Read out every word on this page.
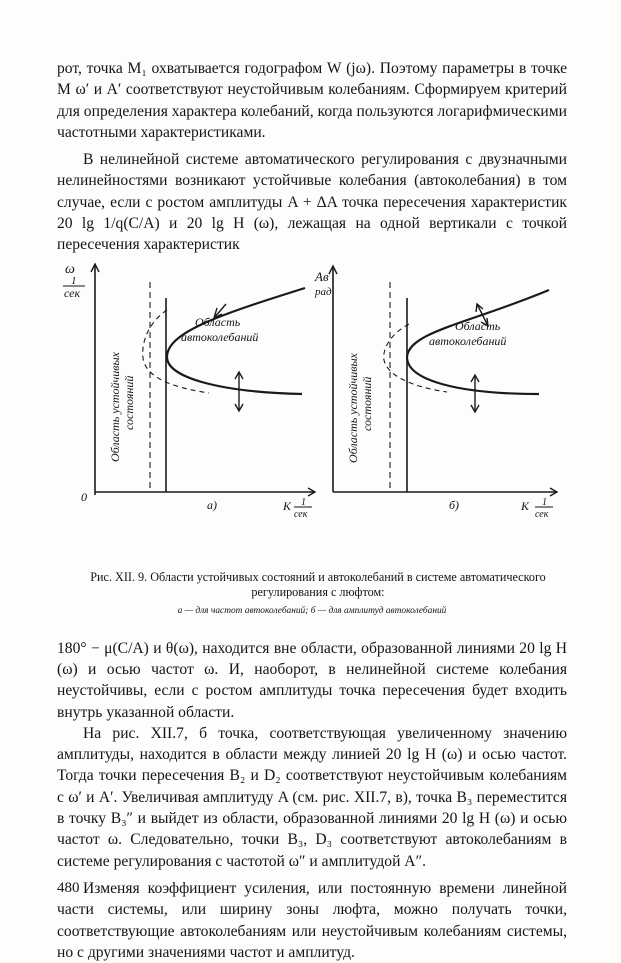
рот, точка M₁ охватывается годографом W (jω). Поэтому параметры в точке M ω′ и A′ соответствуют неустойчивым колебаниям. Сформируем критерий для определения характера колебаний, когда пользуются логарифмическими частотными характеристиками.

В нелинейной системе автоматического регулирования с двузначными нелинейностями возникают устойчивые колебания (автоколебания) в том случае, если с ростом амплитуды A + ΔA точка пересечения характеристик 20 lg 1/q(C/A) и 20 lg H (ω), лежащая на одной вертикали с точкой пересечения характеристик

ω
1
сек
0
K 1
сек
Область
автоколебаний
Область устойчивых состояний
а)
Aв
рад
K 1
сек
Область
автоколебаний
Область устойчивых состояний
б)
Рис. XII. 9. Области устойчивых состояний и автоколебаний в системе автоматического регулирования с люфтом:
а — для частот автоколебаний; б — для амплитуд автоколебаний

180° − μ(C/A) и θ(ω), находится вне области, образованной линиями 20 lg H (ω) и осью частот ω. И, наоборот, в нелинейной системе колебания неустойчивы, если с ростом амплитуды точка пересечения будет входить внутрь указанной области.

На рис. XII.7, б точка, соответствующая увеличенному значению амплитуды, находится в области между линией 20 lg H (ω) и осью частот. Тогда точки пересечения B₂ и D₂ соответствуют неустойчивым колебаниям с ω′ и A′. Увеличивая амплитуду A (см. рис. XII.7, в), точка B₃ переместится в точку B₃″ и выйдет из области, образованной линиями 20 lg H (ω) и осью частот ω. Следовательно, точки B₃, D₃ соответствуют автоколебаниям в системе регулирования с частотой ω″ и амплитудой A″.

Изменяя коэффициент усиления, или постоянную времени линейной части системы, или ширину зоны люфта, можно получать точки, соответствующие автоколебаниям или неустойчивым колебаниям системы, но с другими значениями частот и амплитуд.

480
